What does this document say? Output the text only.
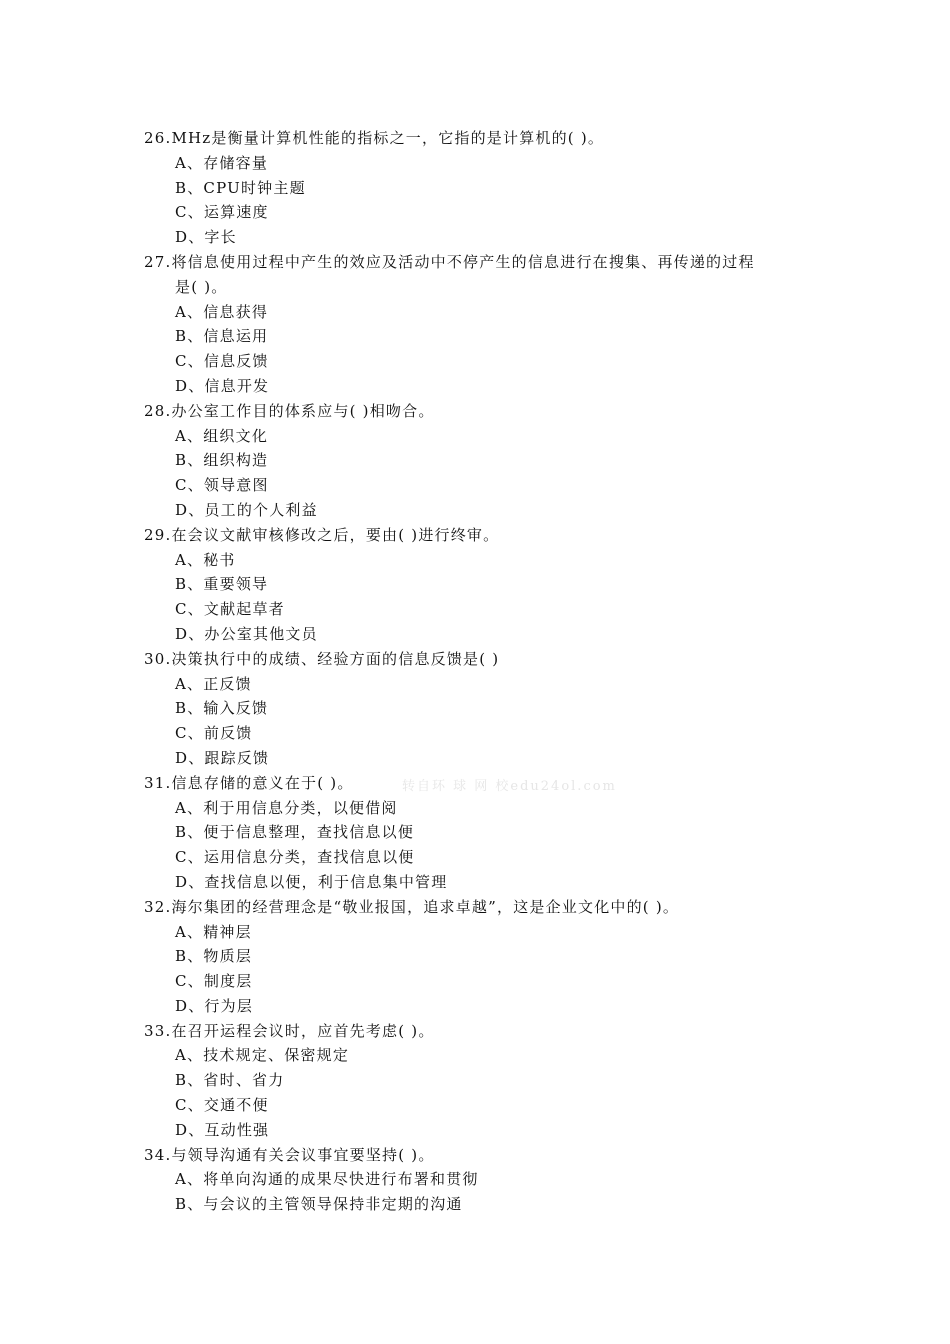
26.MHz是衡量计算机性能的指标之一，它指的是计算机的( )。
A、存储容量
B、CPU时钟主题
C、运算速度
D、字长
27.将信息使用过程中产生的效应及活动中不停产生的信息进行在搜集、再传递的过程
是( )。
A、信息获得
B、信息运用
C、信息反馈
D、信息开发
28.办公室工作目的体系应与( )相吻合。
A、组织文化
B、组织构造
C、领导意图
D、员工的个人利益
29.在会议文献审核修改之后，要由( )进行终审。
A、秘书
B、重要领导
C、文献起草者
D、办公室其他文员
30.决策执行中的成绩、经验方面的信息反馈是( )
A、正反馈
B、输入反馈
C、前反馈
D、跟踪反馈
31.信息存储的意义在于( )。
A、利于用信息分类，以便借阅
B、便于信息整理，查找信息以便
C、运用信息分类，查找信息以便
D、查找信息以便，利于信息集中管理
32.海尔集团的经营理念是“敬业报国，追求卓越”，这是企业文化中的( )。
A、精神层
B、物质层
C、制度层
D、行为层
33.在召开运程会议时，应首先考虑( )。
A、技术规定、保密规定
B、省时、省力
C、交通不便
D、互动性强
34.与领导沟通有关会议事宜要坚持( )。
A、将单向沟通的成果尽快进行布署和贯彻
B、与会议的主管领导保持非定期的沟通
转自环 球 网 校edu24ol.com
